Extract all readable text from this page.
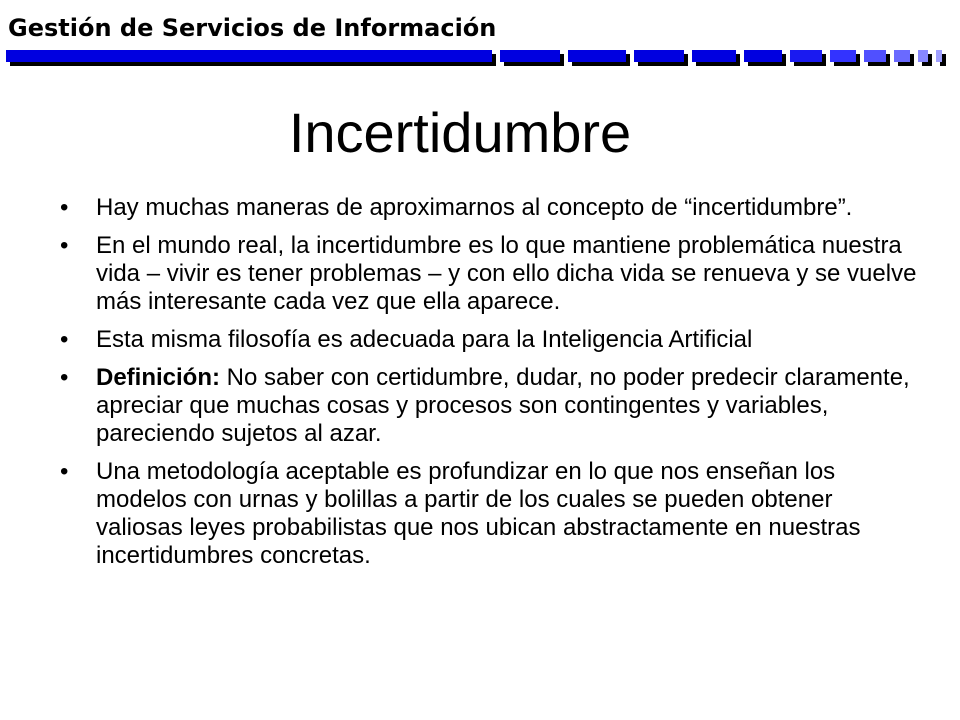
Gestión de Servicios de Información
Incertidumbre
•	Hay muchas maneras de aproximarnos al concepto de “incertidumbre”.
•	En el mundo real, la incertidumbre es lo que mantiene problemática nuestra vida – vivir es tener problemas – y con ello dicha vida se renueva y se vuelve más interesante cada vez que ella aparece.
•	Esta misma filosofía es adecuada para la Inteligencia Artificial
•	Definición: No saber con certidumbre, dudar, no poder predecir claramente, apreciar que muchas cosas y procesos son contingentes y variables, pareciendo sujetos al azar.
•	Una metodología aceptable es profundizar en lo que nos enseñan los modelos con urnas y bolillas a partir de los cuales se pueden obtener valiosas leyes probabilistas que nos ubican abstractamente en nuestras incertidumbres concretas.
